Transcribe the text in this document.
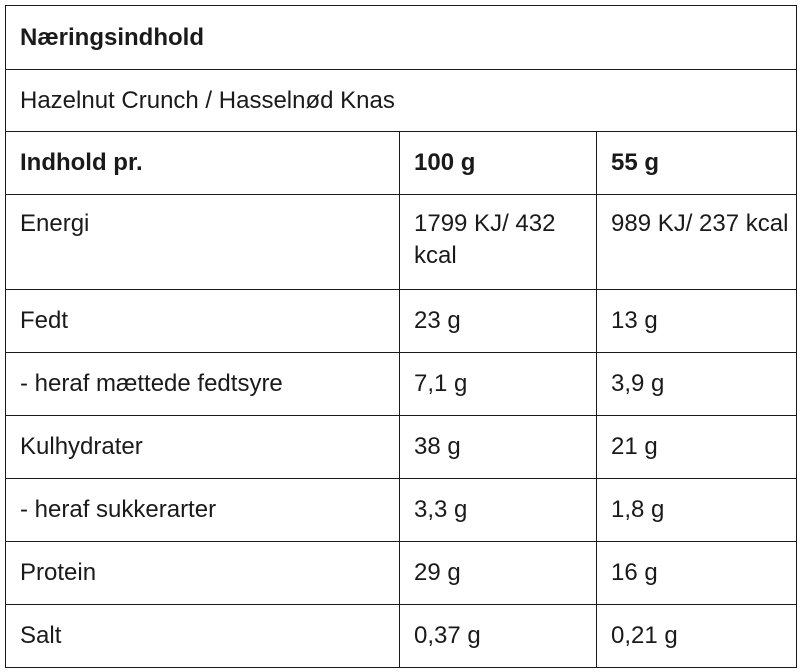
Næringsindhold		
Hazelnut Crunch / Hasselnød Knas		
Indhold pr.	100 g	55 g
Energi	1799 KJ/ 432 kcal	989 KJ/ 237 kcal
Fedt	23 g	13 g
- heraf mættede fedtsyre	7,1 g	3,9 g
Kulhydrater	38 g	21 g
- heraf sukkerarter	3,3 g	1,8 g
Protein	29 g	16 g
Salt	0,37 g	0,21 g
